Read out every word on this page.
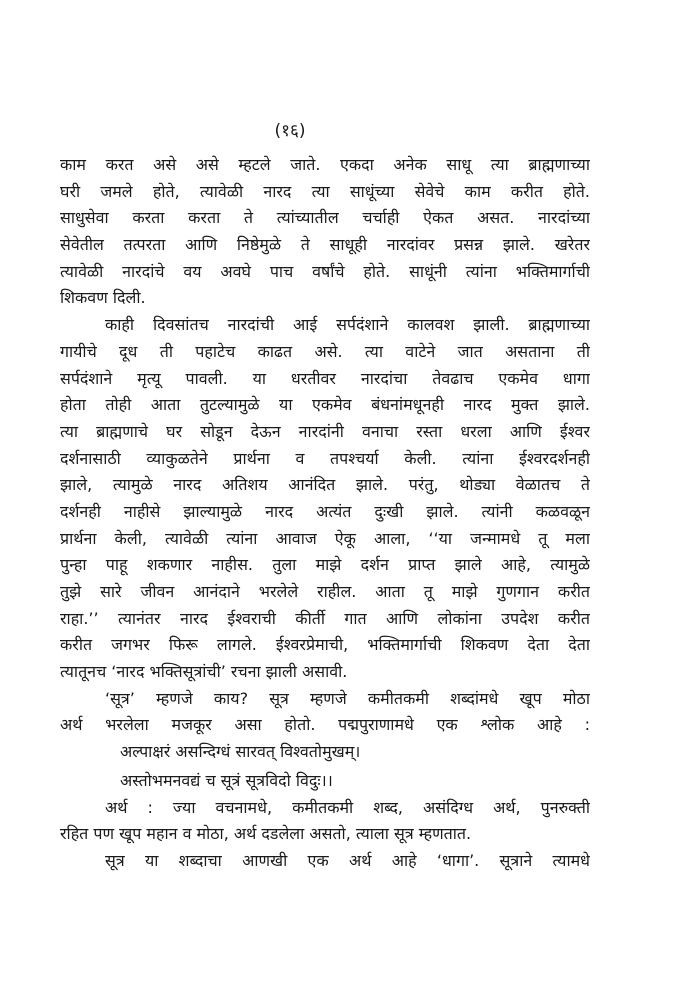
(१६)
काम करत असे असे म्हटले जाते. एकदा अनेक साधू त्या ब्राह्मणाच्या
घरी जमले होते, त्यावेळी नारद त्या साधूंच्या सेवेचे काम करीत होते.
साधुसेवा करता करता ते त्यांच्यातील चर्चाही ऐकत असत. नारदांच्या
सेवेतील तत्परता आणि निष्ठेमुळे ते साधूही नारदांवर प्रसन्न झाले. खरेतर
त्यावेळी नारदांचे वय अवघे पाच वर्षांचे होते. साधूंनी त्यांना भक्तिमार्गाची
शिकवण दिली.
काही दिवसांतच नारदांची आई सर्पदंशाने कालवश झाली. ब्राह्मणाच्या
गायीचे दूध ती पहाटेच काढत असे. त्या वाटेने जात असताना ती
सर्पदंशाने मृत्यू पावली. या धरतीवर नारदांचा तेवढाच एकमेव धागा
होता तोही आता तुटल्यामुळे या एकमेव बंधनांमधूनही नारद मुक्त झाले.
त्या ब्राह्मणाचे घर सोडून देऊन नारदांनी वनाचा रस्ता धरला आणि ईश्वर
दर्शनासाठी व्याकुळतेने प्रार्थना व तपश्चर्या केली. त्यांना ईश्वरदर्शनही
झाले, त्यामुळे नारद अतिशय आनंदित झाले. परंतु, थोड्या वेळातच ते
दर्शनही नाहीसे झाल्यामुळे नारद अत्यंत दुःखी झाले. त्यांनी कळवळून
प्रार्थना केली, त्यावेळी त्यांना आवाज ऐकू आला, ‘‘या जन्मामधे तू मला
पुन्हा पाहू शकणार नाहीस. तुला माझे दर्शन प्राप्त झाले आहे, त्यामुळे
तुझे सारे जीवन आनंदाने भरलेले राहील. आता तू माझे गुणगान करीत
राहा.’’ त्यानंतर नारद ईश्वराची कीर्ती गात आणि लोकांना उपदेश करीत
करीत जगभर फिरू लागले. ईश्वरप्रेमाची, भक्तिमार्गाची शिकवण देता देता
त्यातूनच ‘नारद भक्तिसूत्रांची’ रचना झाली असावी.
‘सूत्र’ म्हणजे काय? सूत्र म्हणजे कमीतकमी शब्दांमधे खूप मोठा
अर्थ भरलेला मजकूर असा होतो. पद्मपुराणामधे एक श्लोक आहे :
अल्पाक्षरं असन्दिग्धं सारवत् विश्वतोमुखम्।
अस्तोभमनवद्यं च सूत्रं सूत्रविदो विदुः।।
अर्थ : ज्या वचनामधे, कमीतकमी शब्द, असंदिग्ध अर्थ, पुनरुक्ती
रहित पण खूप महान व मोठा, अर्थ दडलेला असतो, त्याला सूत्र म्हणतात.
सूत्र या शब्दाचा आणखी एक अर्थ आहे ‘धागा’. सूत्राने त्यामधे
